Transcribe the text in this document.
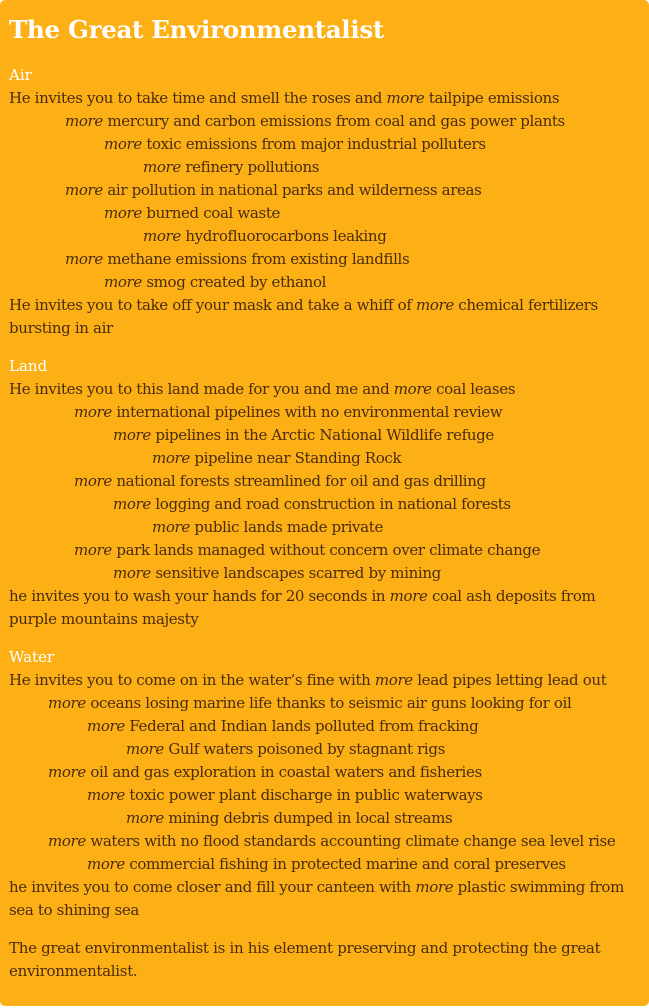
The Great Environmentalist
Air
He invites you to take time and smell the roses and more tailpipe emissions
more mercury and carbon emissions from coal and gas power plants
more toxic emissions from major industrial polluters
more refinery pollutions
more air pollution in national parks and wilderness areas
more burned coal waste
more hydrofluorocarbons leaking
more methane emissions from existing landfills
more smog created by ethanol
He invites you to take off your mask and take a whiff of more chemical fertilizers bursting in air
Land
He invites you to this land made for you and me and more coal leases
more international pipelines with no environmental review
more pipelines in the Arctic National Wildlife refuge
more pipeline near Standing Rock
more national forests streamlined for oil and gas drilling
more logging and road construction in national forests
more public lands made private
more park lands managed without concern over climate change
more sensitive landscapes scarred by mining
he invites you to wash your hands for 20 seconds in more coal ash deposits from purple mountains majesty
Water
He invites you to come on in the water’s fine with more lead pipes letting lead out
more oceans losing marine life thanks to seismic air guns looking for oil
more Federal and Indian lands polluted from fracking
more Gulf waters poisoned by stagnant rigs
more oil and gas exploration in coastal waters and fisheries
more toxic power plant discharge in public waterways
more mining debris dumped in local streams
more waters with no flood standards accounting climate change sea level rise
more commercial fishing in protected marine and coral preserves
he invites you to come closer and fill your canteen with more plastic swimming from sea to shining sea

The great environmentalist is in his element preserving and protecting the great environmentalist.
